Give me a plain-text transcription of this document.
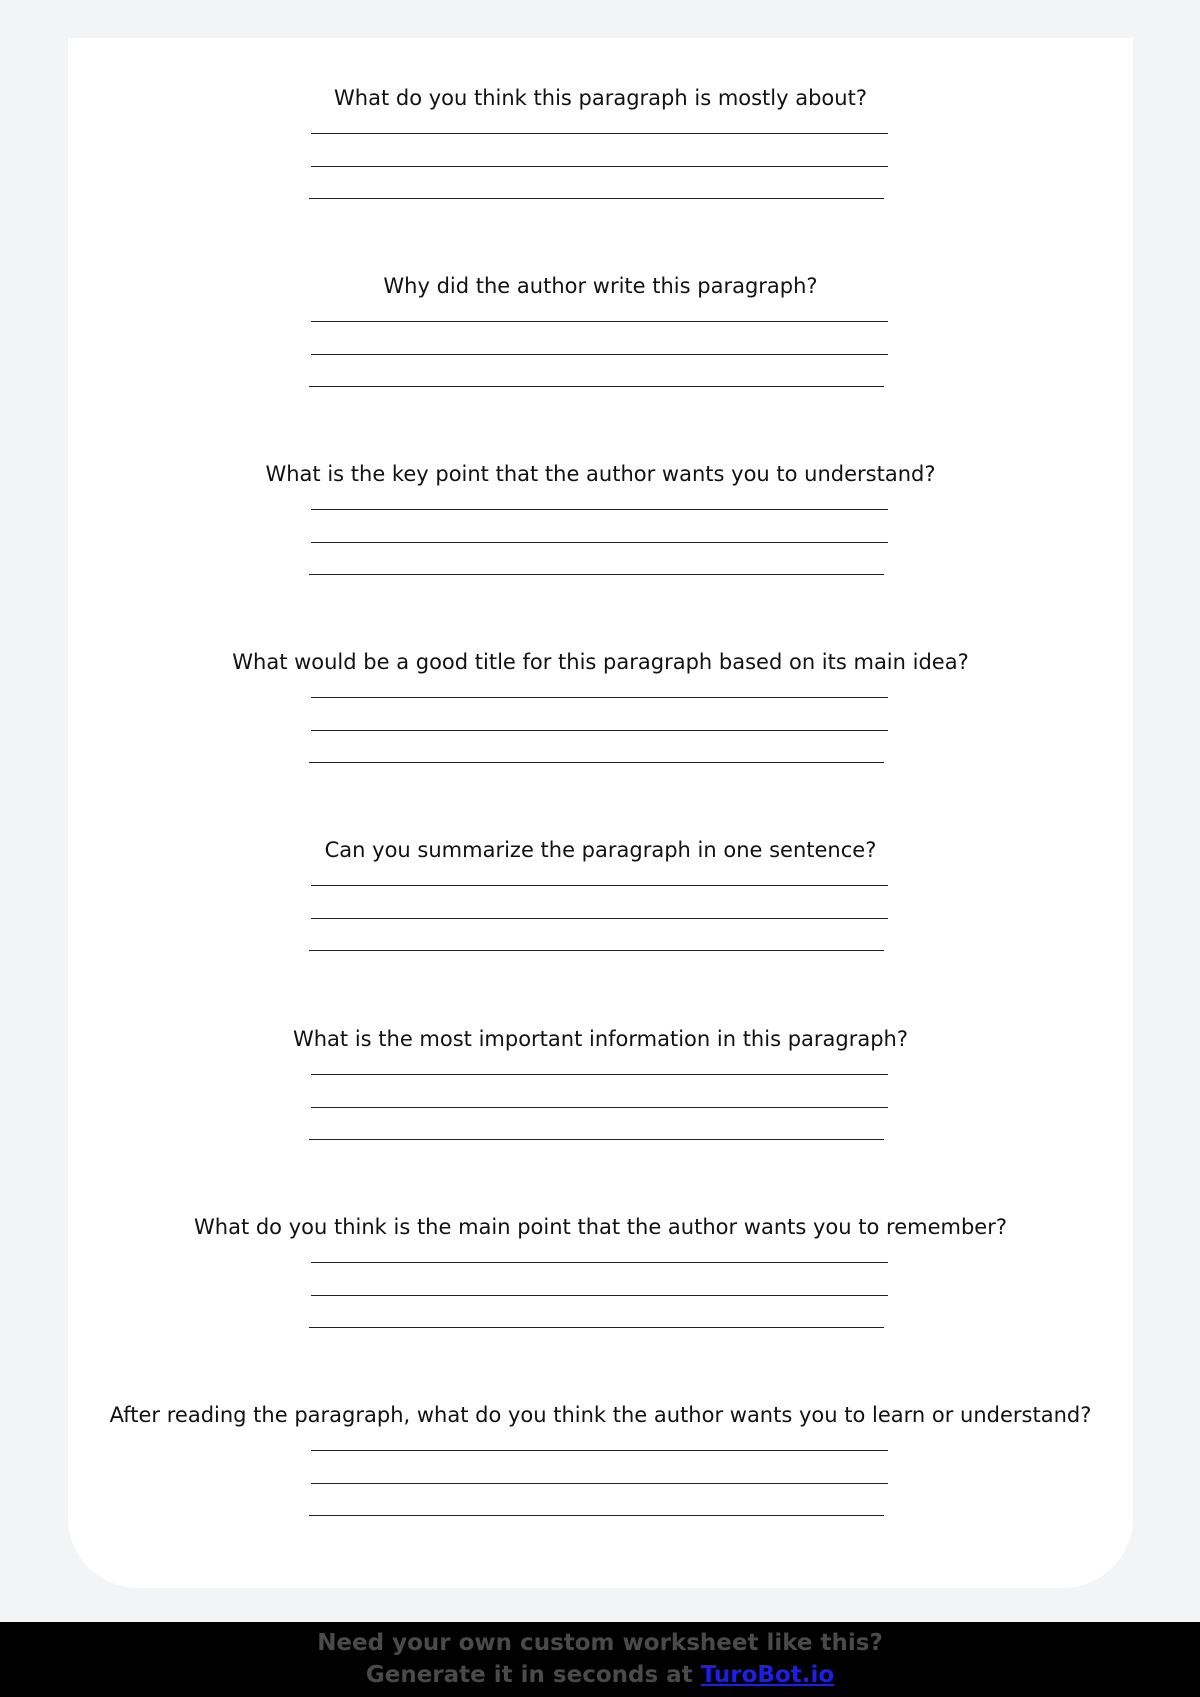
What do you think this paragraph is mostly about?

Why did the author write this paragraph?

What is the key point that the author wants you to understand?

What would be a good title for this paragraph based on its main idea?

Can you summarize the paragraph in one sentence?

What is the most important information in this paragraph?

What do you think is the main point that the author wants you to remember?

After reading the paragraph, what do you think the author wants you to learn or understand?

Need your own custom worksheet like this?

Generate it in seconds at TuroBot.io
